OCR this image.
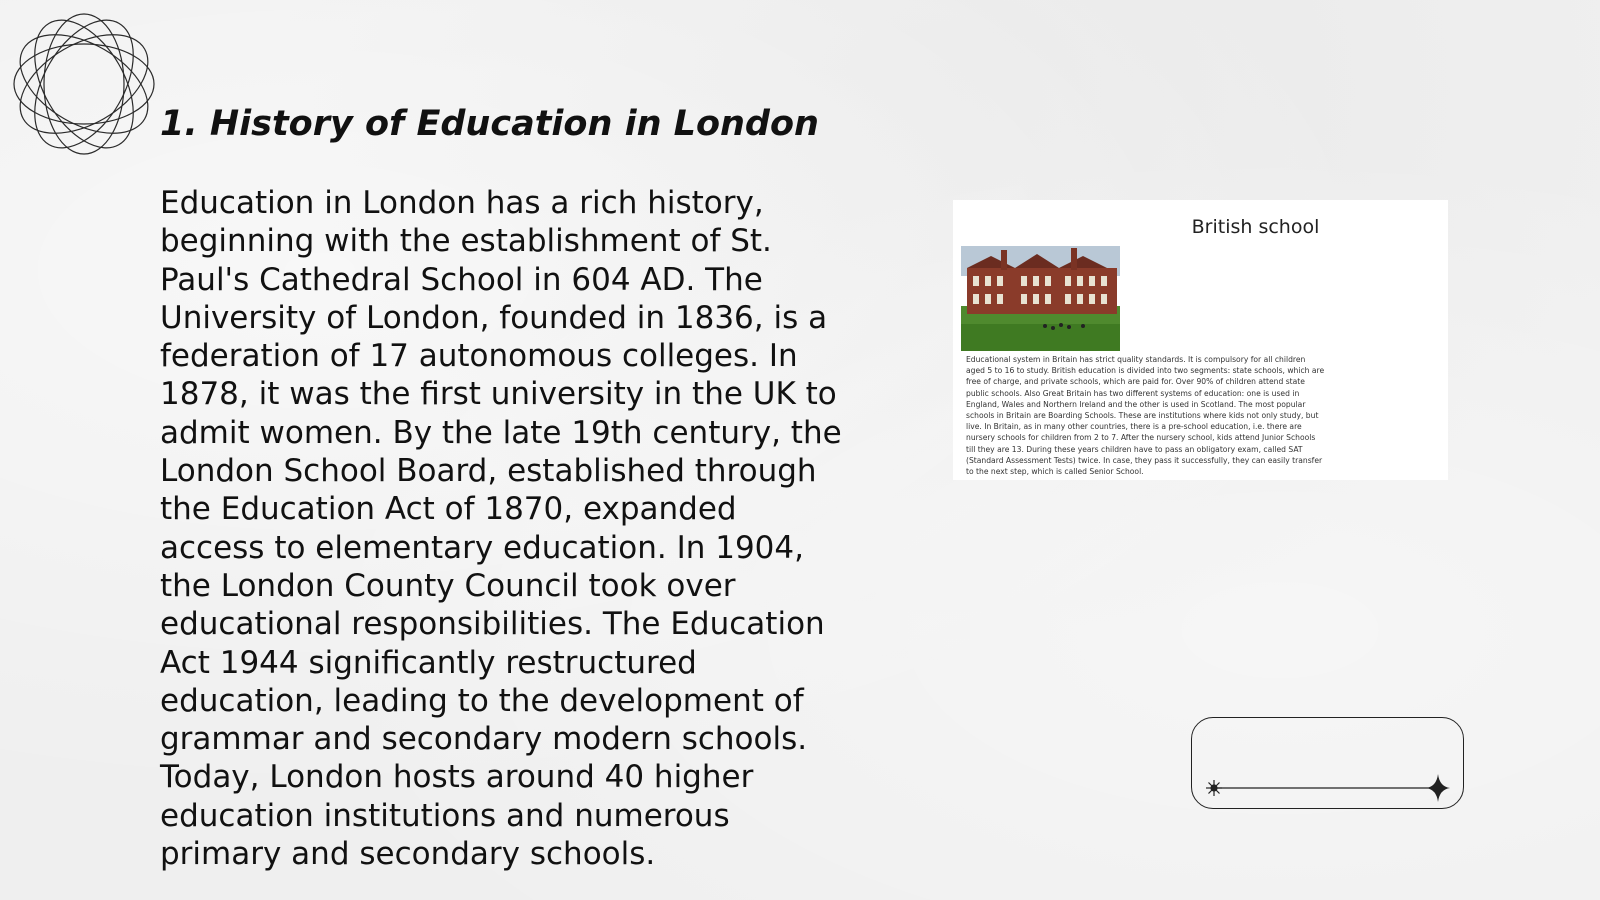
1. History of Education in London

Education in London has a rich history, beginning with the establishment of St. Paul's Cathedral School in 604 AD. The University of London, founded in 1836, is a federation of 17 autonomous colleges. In 1878, it was the first university in the UK to admit women. By the late 19th century, the London School Board, established through the Education Act of 1870, expanded access to elementary education. In 1904, the London County Council took over educational responsibilities. The Education Act 1944 significantly restructured education, leading to the development of grammar and secondary modern schools. Today, London hosts around 40 higher education institutions and numerous primary and secondary schools.

British school
Educational system in Britain has strict quality standards. It is compulsory for all children aged 5 to 16 to study. British education is divided into two segments: state schools, which are free of charge, and private schools, which are paid for. Over 90% of children attend state public schools. Also Great Britain has two different systems of education: one is used in England, Wales and Northern Ireland and the other is used in Scotland. The most popular schools in Britain are Boarding Schools. These are institutions where kids not only study, but live. In Britain, as in many other countries, there is a pre-school education, i.e. there are nursery schools for children from 2 to 7. After the nursery school, kids attend Junior Schools till they are 13. During these years children have to pass an obligatory exam, called SAT (Standard Assessment Tests) twice. In case, they pass it successfully, they can easily transfer to the next step, which is called Senior School.
